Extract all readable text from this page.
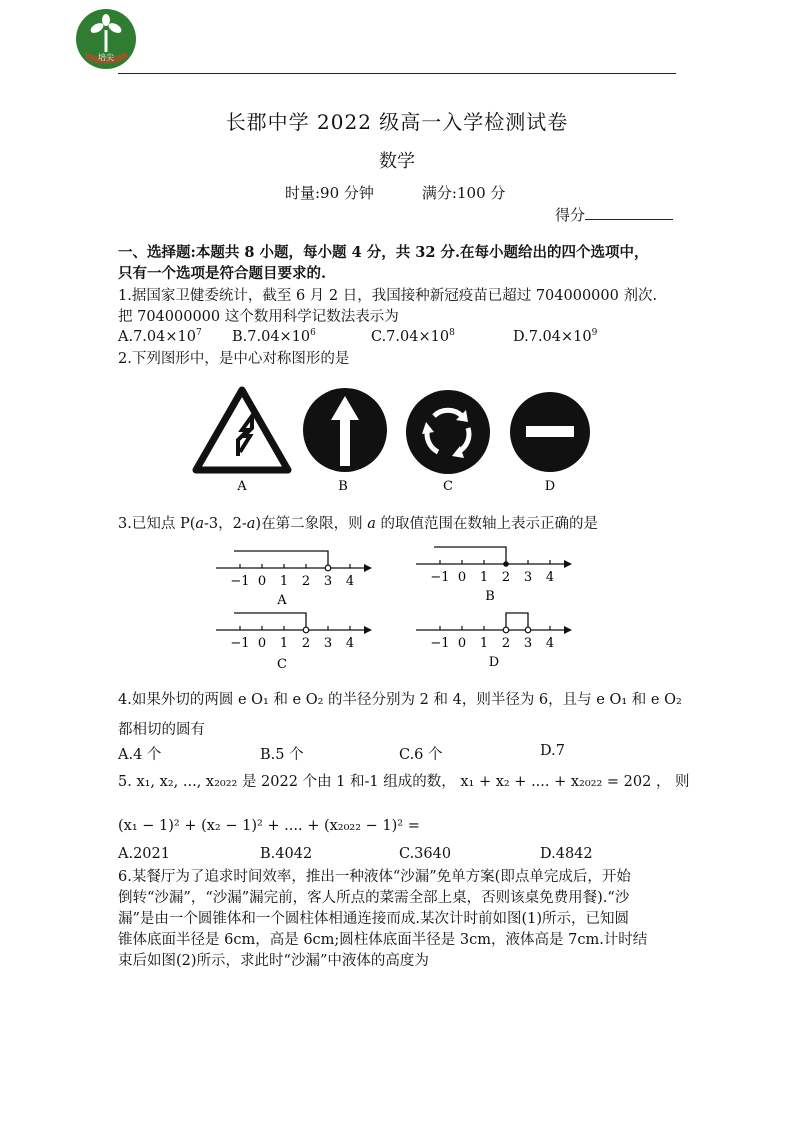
培尖
长郡中学 2022 级高一入学检测试卷
数学
时量:90 分钟	满分:100 分
得分
一、选择题:本题共 8 小题，每小题 4 分，共 32 分.在每小题给出的四个选项中，
只有一个选项是符合题目要求的.
1.据国家卫健委统计，截至 6 月 2 日，我国接种新冠疫苗已超过 704000000 剂次.
把 704000000 这个数用科学记数法表示为
$A.7.04\times 10^7$ $B.7.04\times 10^6$	$C.7.04\times 10^8$	$D.7.04\times 10^9$
2.下列图形中，是中心对称图形的是
A	B	C	D
3.已知点 P(a-3，2-a)在第二象限，则 a 的取值范围在数轴上表示正确的是
−1 0 1 2 3 4
A
−1 0 1 2 3 4
B
−1 0 1 2 3 4
C
−1 0 1 2 3 4
D
4.如果外切的两圆 e O₁ 和 e O₂ 的半径分别为 2 和 4，则半径为 6，且与 e O₁ 和 e O₂
都相切的圆有
A.4 个	B.5 个	C.6 个	D.7
5. x₁, x₂, ..., x₂₀₂₂ 是 2022 个由 1 和-1 组成的数， x₁ + x₂ + .... + x₂₀₂₂ = 202 ， 则
(x₁ − 1)² + (x₂ − 1)² + .... + (x₂₀₂₂ − 1)² =
A.2021	B.4042	C.3640	D.4842
6.某餐厅为了追求时间效率，推出一种液体“沙漏”免单方案(即点单完成后，开始
倒转“沙漏”，“沙漏”漏完前，客人所点的菜需全部上桌，否则该桌免费用餐).“沙
漏”是由一个圆锥体和一个圆柱体相通连接而成.某次计时前如图(1)所示，已知圆
锥体底面半径是 6cm，高是 6cm;圆柱体底面半径是 3cm，液体高是 7cm.计时结
束后如图(2)所示，求此时“沙漏”中液体的高度为
